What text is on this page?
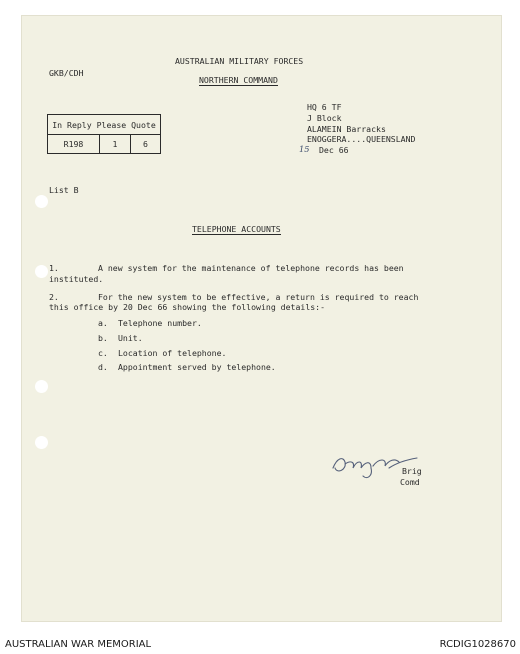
GKB/CDH
AUSTRALIAN MILITARY FORCES
NORTHERN COMMAND
In Reply Please Quote
R198	1	6
HQ 6 TF
J Block
ALAMEIN Barracks
ENOGGERA....QUEENSLAND
15 Dec 66
List B
TELEPHONE ACCOUNTS
1.	A new system for the maintenance of telephone records has been
instituted.
2.	For the new system to be effective, a return is required to reach
this office by 20 Dec 66 showing the following details:-
a. Telephone number.
b. Unit.
c. Location of telephone.
d. Appointment served by telephone.
Brig
Comd
AUSTRALIAN WAR MEMORIAL	RCDIG1028670
